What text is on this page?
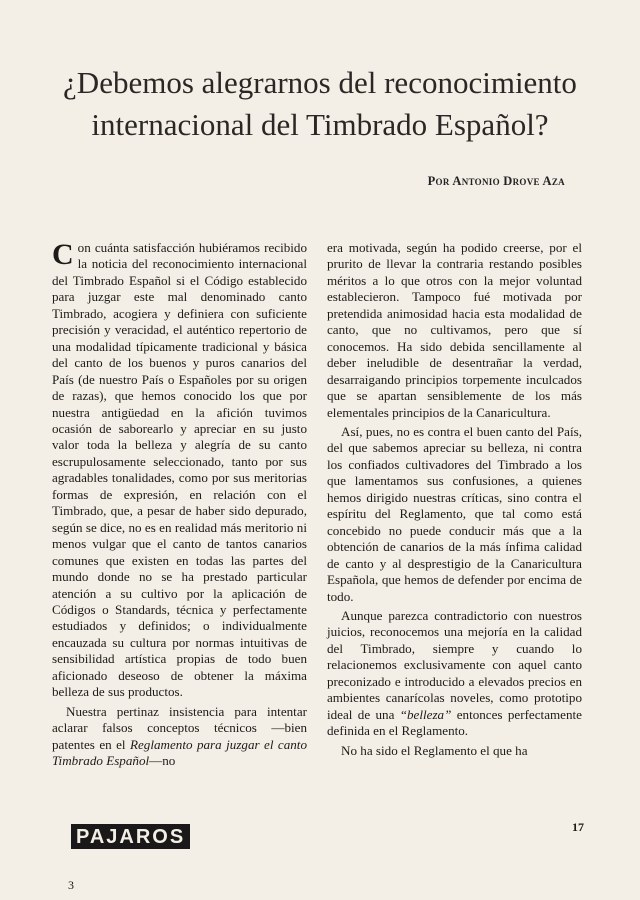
¿Debemos alegrarnos del reconocimiento
internacional del Timbrado Español?
Por Antonio Drove Aza

Con cuánta satisfacción hubiéramos recibido la noticia del reconocimiento internacional del Timbrado Español si el Código establecido para juzgar este mal denominado canto Timbrado, acogiera y definiera con suficiente precisión y veracidad, el auténtico repertorio de una modalidad típicamente tradicional y básica del canto de los buenos y puros canarios del País (de nuestro País o Españoles por su origen de razas), que hemos conocido los que por nuestra antigüedad en la afición tuvimos ocasión de saborearlo y apreciar en su justo valor toda la belleza y alegría de su canto escrupulosamente seleccionado, tanto por sus agradables tonalidades, como por sus meritorias formas de expresión, en relación con el Timbrado, que, a pesar de haber sido depurado, según se dice, no es en realidad más meritorio ni menos vulgar que el canto de tantos canarios comunes que existen en todas las partes del mundo donde no se ha prestado particular atención a su cultivo por la aplicación de Códigos o Standards, técnica y perfectamente estudiados y definidos; o individualmente encauzada su cultura por normas intuitivas de sensibilidad artística propias de todo buen aficionado deseoso de obtener la máxima belleza de sus productos.

Nuestra pertinaz insistencia para intentar aclarar falsos conceptos técnicos —bien patentes en el Reglamento para juzgar el canto Timbrado Español—no

era motivada, según ha podido creerse, por el prurito de llevar la contraria restando posibles méritos a lo que otros con la mejor voluntad establecieron. Tampoco fué motivada por pretendida animosidad hacia esta modalidad de canto, que no cultivamos, pero que sí conocemos. Ha sido debida sencillamente al deber ineludible de desentrañar la verdad, desarraigando principios torpemente inculcados que se apartan sensiblemente de los más elementales principios de la Canaricultura.

Así, pues, no es contra el buen canto del País, del que sabemos apreciar su belleza, ni contra los confiados cultivadores del Timbrado a los que lamentamos sus confusiones, a quienes hemos dirigido nuestras críticas, sino contra el espíritu del Reglamento, que tal como está concebido no puede conducir más que a la obtención de canarios de la más ínfima calidad de canto y al desprestigio de la Canaricultura Española, que hemos de defender por encima de todo.

Aunque parezca contradictorio con nuestros juicios, reconocemos una mejoría en la calidad del Timbrado, siempre y cuando lo relacionemos exclusivamente con aquel canto preconizado e introducido a elevados precios en ambientes canarícolas noveles, como prototipo ideal de una “belleza” entonces perfectamente definida en el Reglamento.

No ha sido el Reglamento el que ha

17
PAJAROS
3
